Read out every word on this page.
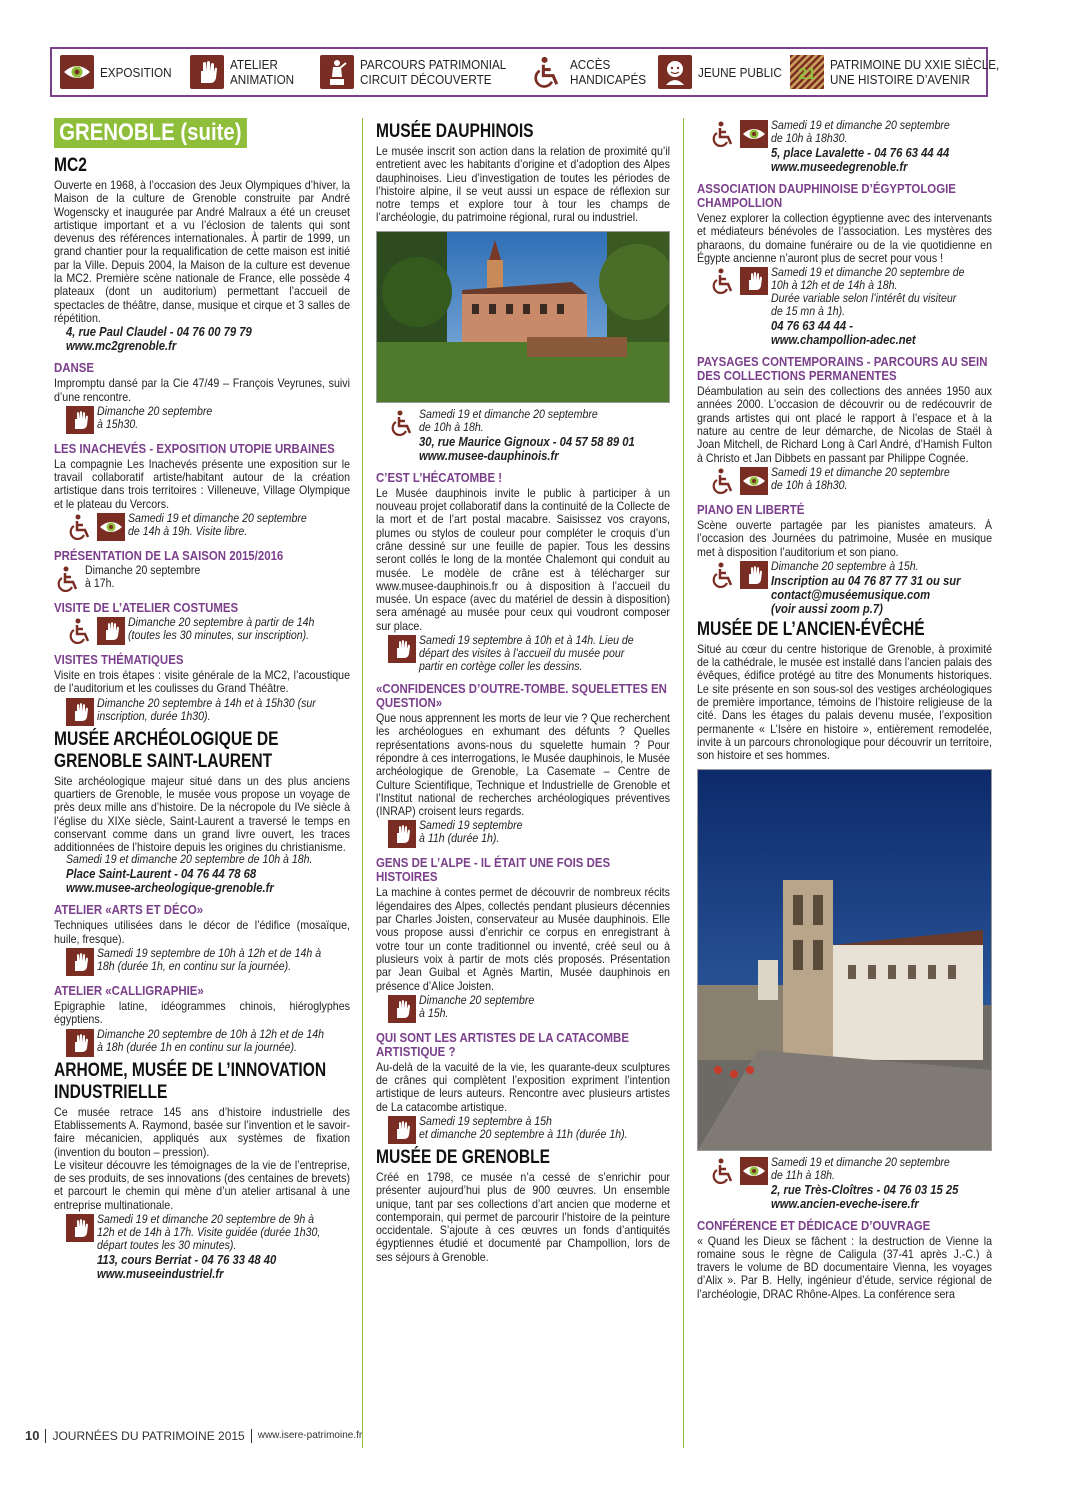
EXPOSITION	ATELIER
ANIMATION
PARCOURS PATRIMONIAL
CIRCUIT DÉCOUVERTE
ACCÈS
HANDICAPÉS	JEUNE PUBLIC 21
PATRIMOINE DU XXIE SIÈCLE,
UNE HISTOIRE D’AVENIR
GRENOBLE (suite)
MC2

Ouverte en 1968, à l’occasion des Jeux Olympiques d’hiver, la Maison de la culture de Grenoble construite par André Wogenscky et inaugurée par André Malraux a été un creuset artistique important et a vu l’éclosion de talents qui sont devenus des références internationales. À partir de 1999, un grand chantier pour la requalification de cette maison est initié par la Ville. Depuis 2004, la Maison de la culture est devenue la MC2. Première scène nationale de France, elle possède 4 plateaux (dont un auditorium) permettant l’accueil de spectacles de théâtre, danse, musique et cirque et 3 salles de répétition.

4, rue Paul Claudel - 04 76 00 79 79
www.mc2grenoble.fr
DANSE

Impromptu dansé par la Cie 47/49 – François Veyrunes, suivi d’une rencontre.

Dimanche 20 septembre
à 15h30.
LES INACHEVÉS - EXPOSITION UTOPIE URBAINES

La compagnie Les Inachevés présente une exposition sur le travail collaboratif artiste/habitant autour de la création artistique dans trois territoires : Villeneuve, Village Olympique et le plateau du Vercors.

Samedi 19 et dimanche 20 septembre
de 14h à 19h. Visite libre.
PRÉSENTATION DE LA SAISON 2015/2016
Dimanche 20 septembre
à 17h.
VISITE DE L’ATELIER COSTUMES
Dimanche 20 septembre à partir de 14h
(toutes les 30 minutes, sur inscription).
VISITES THÉMATIQUES

Visite en trois étapes : visite générale de la MC2, l’acoustique de l’auditorium et les coulisses du Grand Théâtre.

Dimanche 20 septembre à 14h et à 15h30 (sur
inscription, durée 1h30).
MUSÉE ARCHÉOLOGIQUE DE GRENOBLE SAINT-LAURENT

Site archéologique majeur situé dans un des plus anciens quartiers de Grenoble, le musée vous propose un voyage de près deux mille ans d’histoire. De la nécropole du IVe siècle à l’église du XIXe siècle, Saint-Laurent a traversé le temps en conservant comme dans un grand livre ouvert, les traces additionnées de l’histoire depuis les origines du christianisme.

Samedi 19 et dimanche 20 septembre de 10h à 18h.
Place Saint-Laurent - 04 76 44 78 68
www.musee-archeologique-grenoble.fr
ATELIER «ARTS ET DÉCO»

Techniques utilisées dans le décor de l’édifice (mosaïque, huile, fresque).

Samedi 19 septembre de 10h à 12h et de 14h à
18h (durée 1h, en continu sur la journée).
ATELIER «CALLIGRAPHIE»

Epigraphie latine, idéogrammes chinois, hiéroglyphes égyptiens.

Dimanche 20 septembre de 10h à 12h et de 14h
à 18h (durée 1h en continu sur la journée).
ARHOME, MUSÉE DE L’INNOVATION INDUSTRIELLE

Ce musée retrace 145 ans d’histoire industrielle des Etablissements A. Raymond, basée sur l’invention et le savoir-faire mécanicien, appliqués aux systèmes de fixation (invention du bouton – pression).

Le visiteur découvre les témoignages de la vie de l’entreprise, de ses produits, de ses innovations (des centaines de brevets) et parcourt le chemin qui mène d’un atelier artisanal à une entreprise multinationale.

Samedi 19 et dimanche 20 septembre de 9h à
12h et de 14h à 17h. Visite guidée (durée 1h30,
départ toutes les 30 minutes).
113, cours Berriat - 04 76 33 48 40
www.museeindustriel.fr
MUSÉE DAUPHINOIS

Le musée inscrit son action dans la relation de proximité qu’il entretient avec les habitants d’origine et d’adoption des Alpes dauphinoises. Lieu d’investigation de toutes les périodes de l’histoire alpine, il se veut aussi un espace de réflexion sur notre temps et explore tour à tour les champs de l’archéologie, du patrimoine régional, rural ou industriel.

Samedi 19 et dimanche 20 septembre
de 10h à 18h.
30, rue Maurice Gignoux - 04 57 58 89 01
www.musee-dauphinois.fr
C’EST L’HÉCATOMBE !

Le Musée dauphinois invite le public à participer à un nouveau projet collaboratif dans la continuité de la Collecte de la mort et de l’art postal macabre. Saisissez vos crayons, plumes ou stylos de couleur pour compléter le croquis d’un crâne dessiné sur une feuille de papier. Tous les dessins seront collés le long de la montée Chalemont qui conduit au musée. Le modèle de crâne est à télécharger sur www.musee-dauphinois.fr ou à disposition à l’accueil du musée. Un espace (avec du matériel de dessin à disposition) sera aménagé au musée pour ceux qui voudront composer sur place.

Samedi 19 septembre à 10h et à 14h. Lieu de
départ des visites à l’accueil du musée pour partir en cortège coller les dessins.
«CONFIDENCES D’OUTRE-TOMBE. SQUELETTES EN QUESTION»

Que nous apprennent les morts de leur vie ? Que recherchent les archéologues en exhumant des défunts ? Quelles représentations avons-nous du squelette humain ? Pour répondre à ces interrogations, le Musée dauphinois, le Musée archéologique de Grenoble, La Casemate – Centre de Culture Scientifique, Technique et Industrielle de Grenoble et l’Institut national de recherches archéologiques préventives (INRAP) croisent leurs regards.

Samedi 19 septembre
à 11h (durée 1h).
GENS DE L’ALPE - IL ÉTAIT UNE FOIS DES HISTOIRES

La machine à contes permet de découvrir de nombreux récits légendaires des Alpes, collectés pendant plusieurs décennies par Charles Joisten, conservateur au Musée dauphinois. Elle vous propose aussi d’enrichir ce corpus en enregistrant à votre tour un conte traditionnel ou inventé, créé seul ou à plusieurs voix à partir de mots clés proposés. Présentation par Jean Guibal et Agnès Martin, Musée dauphinois en présence d’Alice Joisten.

Dimanche 20 septembre
à 15h.
QUI SONT LES ARTISTES DE LA CATACOMBE ARTISTIQUE ?

Au-delà de la vacuité de la vie, les quarante-deux sculptures de crânes qui complètent l’exposition expriment l’intention artistique de leurs auteurs. Rencontre avec plusieurs artistes de La catacombe artistique.

Samedi 19 septembre à 15h
et dimanche 20 septembre à 11h (durée 1h).
MUSÉE DE GRENOBLE

Créé en 1798, ce musée n’a cessé de s’enrichir pour présenter aujourd’hui plus de 900 œuvres. Un ensemble unique, tant par ses collections d’art ancien que moderne et contemporain, qui permet de parcourir l’histoire de la peinture occidentale. S’ajoute à ces œuvres un fonds d’antiquités égyptiennes étudié et documenté par Champollion, lors de ses séjours à Grenoble.

Samedi 19 et dimanche 20 septembre
de 10h à 18h30.
5, place Lavalette - 04 76 63 44 44
www.museedegrenoble.fr
ASSOCIATION DAUPHINOISE D’ÉGYPTOLOGIE CHAMPOLLION

Venez explorer la collection égyptienne avec des intervenants et médiateurs bénévoles de l’association. Les mystères des pharaons, du domaine funéraire ou de la vie quotidienne en Égypte ancienne n’auront plus de secret pour vous !

Samedi 19 et dimanche 20 septembre de
10h à 12h et de 14h à 18h.
Durée variable selon l’intérêt du visiteur
de 15 mn à 1h).
04 76 63 44 44 -
www.champollion-adec.net
PAYSAGES CONTEMPORAINS - PARCOURS AU SEIN DES COLLECTIONS PERMANENTES

Déambulation au sein des collections des années 1950 aux années 2000. L’occasion de découvrir ou de redécouvrir de grands artistes qui ont placé le rapport à l’espace et à la nature au centre de leur démarche, de Nicolas de Staël à Joan Mitchell, de Richard Long à Carl André, d’Hamish Fulton à Christo et Jan Dibbets en passant par Philippe Cognée.

Samedi 19 et dimanche 20 septembre
de 10h à 18h30.
PIANO EN LIBERTÉ

Scène ouverte partagée par les pianistes amateurs. À l’occasion des Journées du patrimoine, Musée en musique met à disposition l’auditorium et son piano.

Dimanche 20 septembre à 15h.
Inscription au 04 76 87 77 31 ou sur
contact@muséemusique.com
(voir aussi zoom p.7)
MUSÉE DE L’ANCIEN-ÉVÊCHÉ

Situé au cœur du centre historique de Grenoble, à proximité de la cathédrale, le musée est installé dans l’ancien palais des évêques, édifice protégé au titre des Monuments historiques. Le site présente en son sous-sol des vestiges archéologiques de première importance, témoins de l’histoire religieuse de la cité. Dans les étages du palais devenu musée, l’exposition permanente « L’Isère en histoire », entièrement remodelée, invite à un parcours chronologique pour découvrir un territoire, son histoire et ses hommes.

Samedi 19 et dimanche 20 septembre
de 11h à 18h.
2, rue Très-Cloîtres - 04 76 03 15 25
www.ancien-eveche-isere.fr
CONFÉRENCE ET DÉDICACE D’OUVRAGE

« Quand les Dieux se fâchent : la destruction de Vienne la romaine sous le règne de Caligula (37-41 après J.-C.) à travers le volume de BD documentaire Vienna, les voyages d’Alix ». Par B. Helly, ingénieur d’étude, service régional de l’archéologie, DRAC Rhône-Alpes. La conférence sera

10 JOURNÉES DU PATRIMOINE 2015 www.isere-patrimoine.fr
